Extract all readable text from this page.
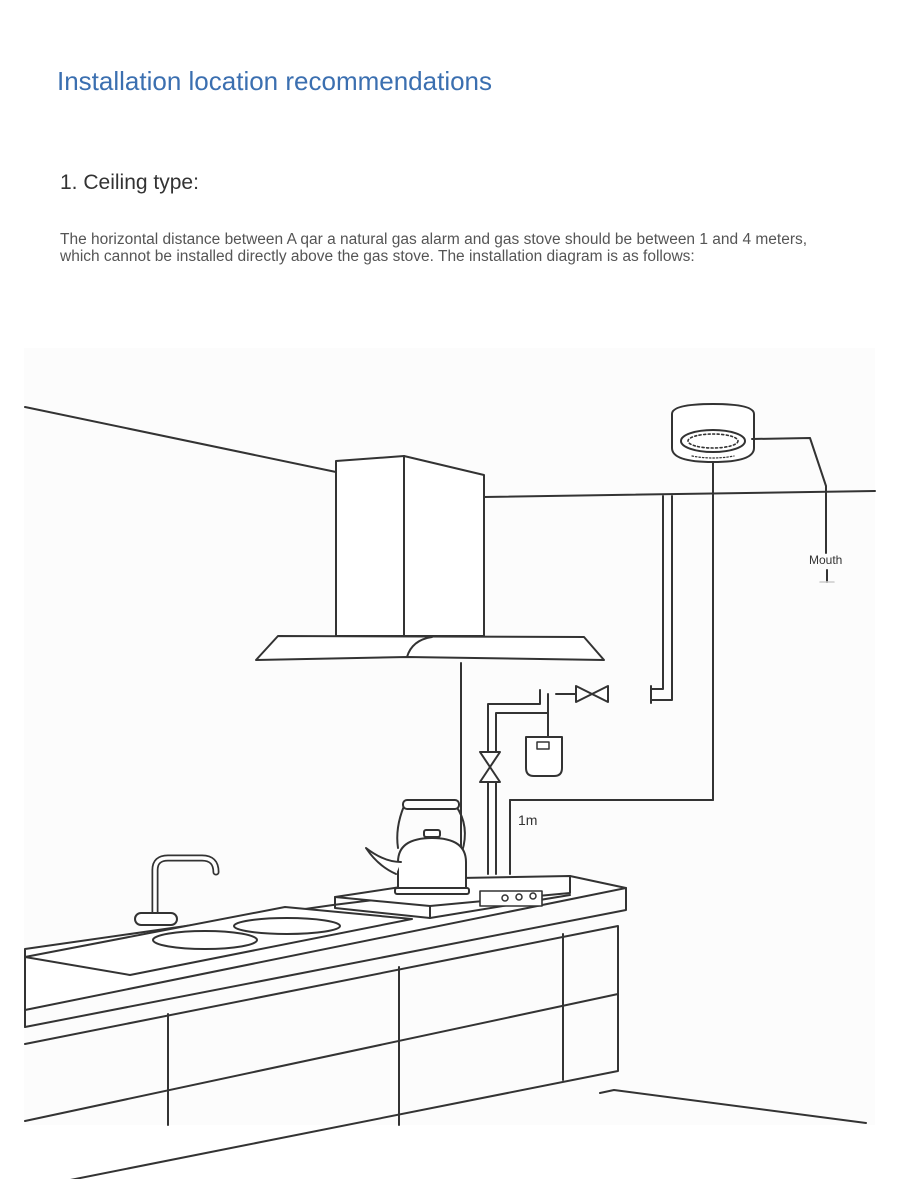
Installation location recommendations
1. Ceiling type:

The horizontal distance between A qar a natural gas alarm and gas stove should be between 1 and 4 meters, which cannot be installed directly above the gas stove. The installation diagram is as follows:

1m
Mouth
